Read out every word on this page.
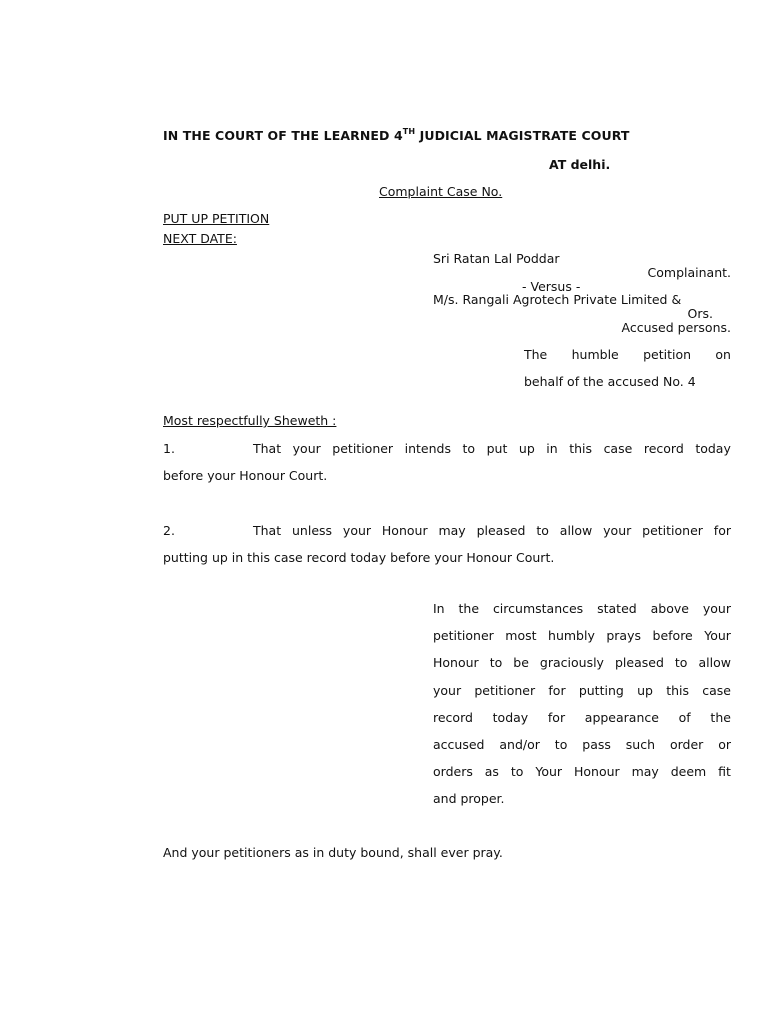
IN THE COURT OF THE LEARNED 4TH JUDICIAL MAGISTRATE COURT
AT delhi.
Complaint Case No.
PUT UP PETITION
NEXT DATE:
Sri Ratan Lal Poddar
Complainant.
- Versus -
M/s. Rangali Agrotech Private Limited &
Ors.
Accused persons.
The humble petition on
behalf of the accused No. 4
Most respectfully Sheweth :
1.	That your petitioner intends to put up in this case record today
before your Honour Court.
2.	That unless your Honour may pleased to allow your petitioner for
putting up in this case record today before your Honour Court.
In the circumstances stated above your
petitioner most humbly prays before Your
Honour to be graciously pleased to allow
your petitioner for putting up this case
record today for appearance of the
accused and/or to pass such order or
orders as to Your Honour may deem fit
and proper.
And your petitioners as in duty bound, shall ever pray.
